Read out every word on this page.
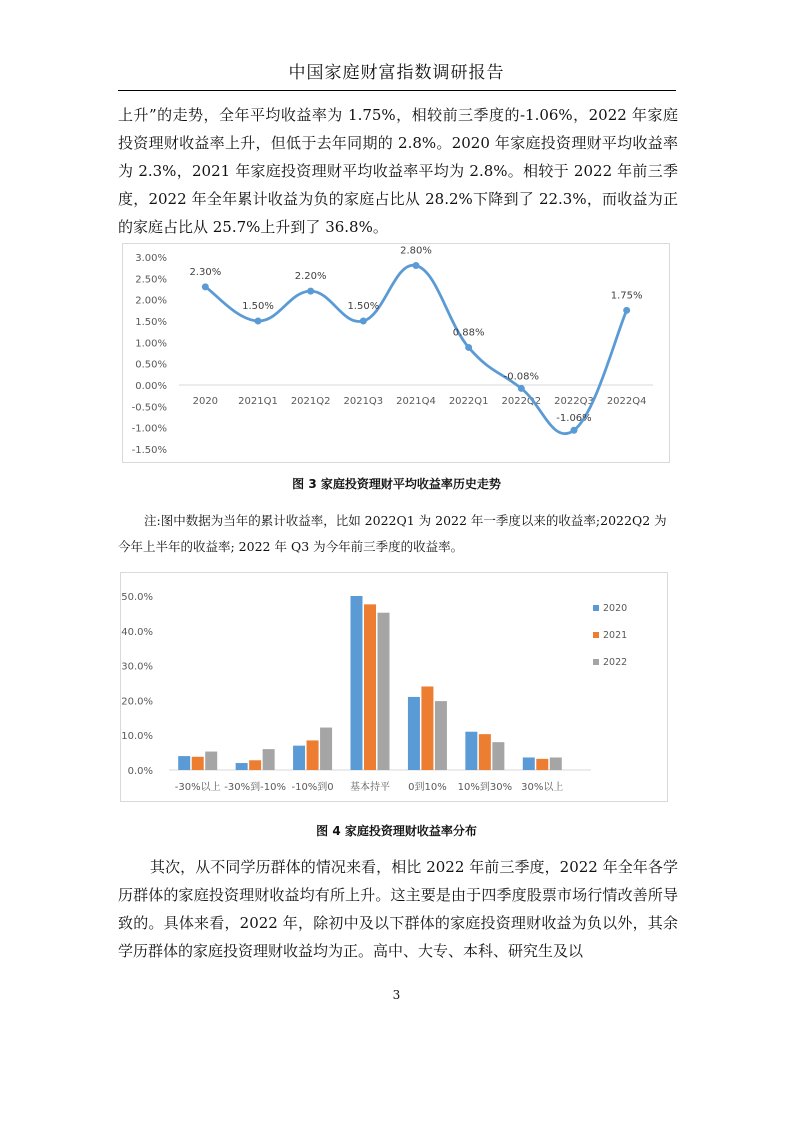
中国家庭财富指数调研报告
上升”的走势，全年平均收益率为 1.75%，相较前三季度的-1.06%，2022 年家庭投资理财收益率上升，但低于去年同期的 2.8%。2020 年家庭投资理财平均收益率为 2.3%，2021 年家庭投资理财平均收益率平均为 2.8%。相较于 2022 年前三季度，2022 年全年累计收益为负的家庭占比从 28.2%下降到了 22.3%，而收益为正的家庭占比从 25.7%上升到了 36.8%。
3.00%
2.50%
2.00%
1.50%
1.00%
0.50%
0.00%
-0.50%
-1.00%
-1.50%
2020 2021Q1 2021Q2 2021Q3 2021Q4 2022Q1 2022Q2 2022Q3 2022Q4
2.30%
1.50%
2.20%
1.50%
2.80%
0.88%
-0.08%
-1.06%
1.75%
图 3 家庭投资理财平均收益率历史走势
注:图中数据为当年的累计收益率，比如 2022Q1 为 2022 年一季度以来的收益率;2022Q2 为今年上半年的收益率; 2022 年 Q3 为今年前三季度的收益率。
50.0%
40.0%
30.0%
20.0%
10.0%
0.0%
-30%以上 -30%到-10% -10%到0 基本持平 0到10% 10%到30% 30%以上
2020
2021
2022
图 4 家庭投资理财收益率分布
其次，从不同学历群体的情况来看，相比 2022 年前三季度，2022 年全年各学历群体的家庭投资理财收益均有所上升。这主要是由于四季度股票市场行情改善所导致的。具体来看，2022 年，除初中及以下群体的家庭投资理财收益为负以外，其余学历群体的家庭投资理财收益均为正。高中、大专、本科、研究生及以
3
